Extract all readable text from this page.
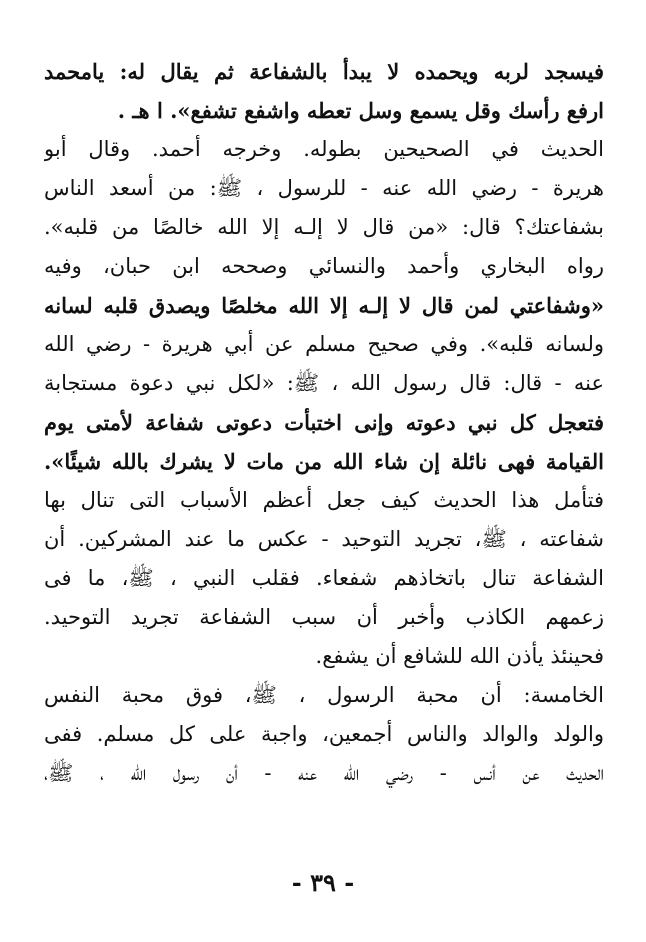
فيسجد لربه ويحمده لا يبدأ بالشفاعة ثم يقال له: يامحمد
ارفع رأسك وقل يسمع وسل تعطه واشفع تشفع». ا هـ .
الحديث في الصحيحين بطوله. وخرجه أحمد. وقال أبو
هريرة - رضي الله عنه - للرسول ، ﷺ: من أسعد الناس
بشفاعتك؟ قال: «من قال لا إلـه إلا الله خالصًا من قلبه».
رواه البخاري وأحمد والنسائي وصححه ابن حبان، وفيه
«وشفاعتي لمن قال لا إلـه إلا الله مخلصًا ويصدق قلبه لسانه
ولسانه قلبه». وفي صحيح مسلم عن أبي هريرة - رضي الله
عنه - قال: قال رسول الله ، ﷺ: «لكل نبي دعوة مستجابة
فتعجل كل نبي دعوته وإنى اختبأت دعوتى شفاعة لأمتى يوم
القيامة فهى نائلة إن شاء الله من مات لا يشرك بالله شيئًا».
فتأمل هذا الحديث كيف جعل أعظم الأسباب التى تنال بها
شفاعته ، ﷺ، تجريد التوحيد - عكس ما عند المشركين. أن
الشفاعة تنال باتخاذهم شفعاء. فقلب النبي ، ﷺ، ما فى
زعمهم الكاذب وأخبر أن سبب الشفاعة تجريد التوحيد.
فحينئذ يأذن الله للشافع أن يشفع.
الخامسة: أن محبة الرسول ، ﷺ، فوق محبة النفس
والولد والوالد والناس أجمعين، واجبة على كل مسلم. ففى
الحديث عن أنس - رضي الله عنه - أن رسول الله ، ﷺ،
- ٣٩ -
